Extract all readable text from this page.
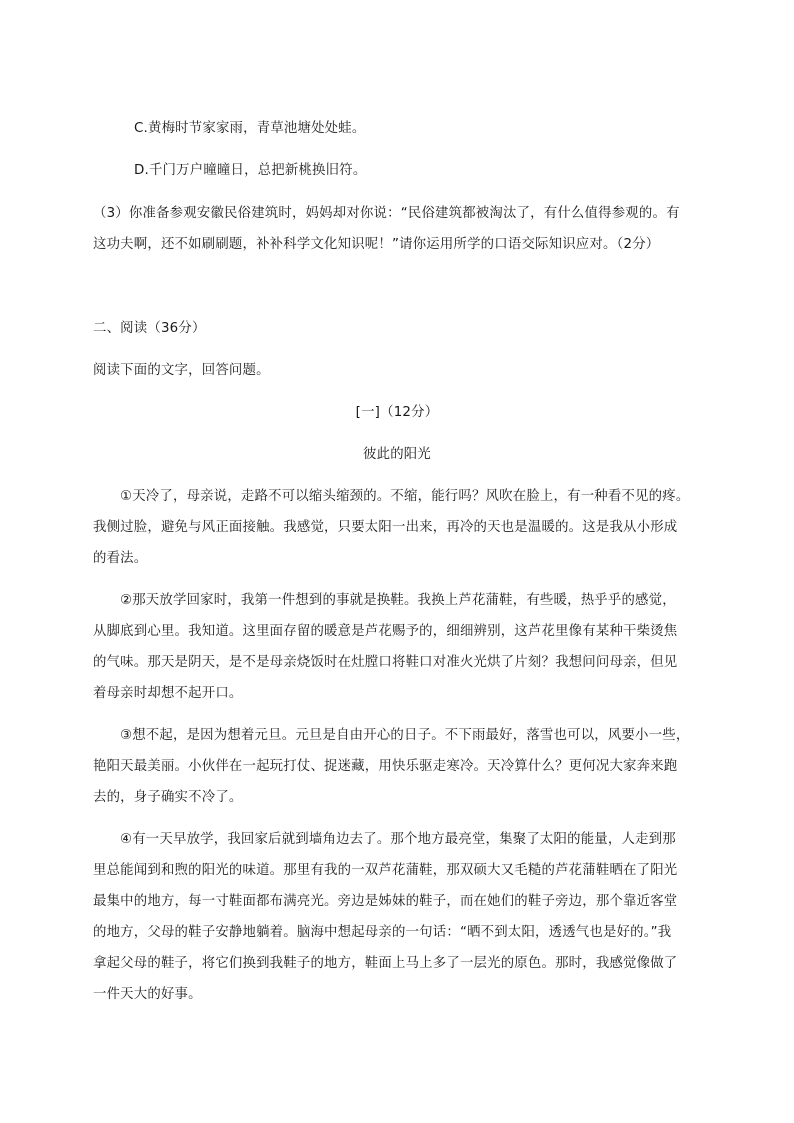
C.黄梅时节家家雨，青草池塘处处蛙。
D.千门万户曈曈日，总把新桃换旧符。
（3）你准备参观安徽民俗建筑时，妈妈却对你说：“民俗建筑都被淘汰了，有什么值得参观的。有
这功夫啊，还不如刷刷题，补补科学文化知识呢！”请你运用所学的口语交际知识应对。（2分）
二、阅读（36分）
阅读下面的文字，回答问题。
[一]（12分）
彼此的阳光
①天冷了，母亲说，走路不可以缩头缩颈的。不缩，能行吗？风吹在脸上，有一种看不见的疼。
我侧过脸，避免与风正面接触。我感觉，只要太阳一出来，再冷的天也是温暖的。这是我从小形成
的看法。
②那天放学回家时，我第一件想到的事就是换鞋。我换上芦花蒲鞋，有些暖，热乎乎的感觉，
从脚底到心里。我知道。这里面存留的暖意是芦花赐予的，细细辨别，这芦花里像有某种干柴烫焦
的气味。那天是阴天，是不是母亲烧饭时在灶膛口将鞋口对准火光烘了片刻？我想问问母亲，但见
着母亲时却想不起开口。
③想不起，是因为想着元旦。元旦是自由开心的日子。不下雨最好，落雪也可以，风要小一些，
艳阳天最美丽。小伙伴在一起玩打仗、捉迷藏，用快乐驱走寒冷。天冷算什么？更何况大家奔来跑
去的，身子确实不冷了。
④有一天早放学，我回家后就到墙角边去了。那个地方最亮堂，集聚了太阳的能量，人走到那
里总能闻到和煦的阳光的味道。那里有我的一双芦花蒲鞋，那双硕大又毛糙的芦花蒲鞋晒在了阳光
最集中的地方，每一寸鞋面都布满亮光。旁边是姊妹的鞋子，而在她们的鞋子旁边，那个靠近客堂
的地方，父母的鞋子安静地躺着。脑海中想起母亲的一句话：“晒不到太阳，透透气也是好的。”我
拿起父母的鞋子，将它们换到我鞋子的地方，鞋面上马上多了一层光的原色。那时，我感觉像做了
一件天大的好事。
